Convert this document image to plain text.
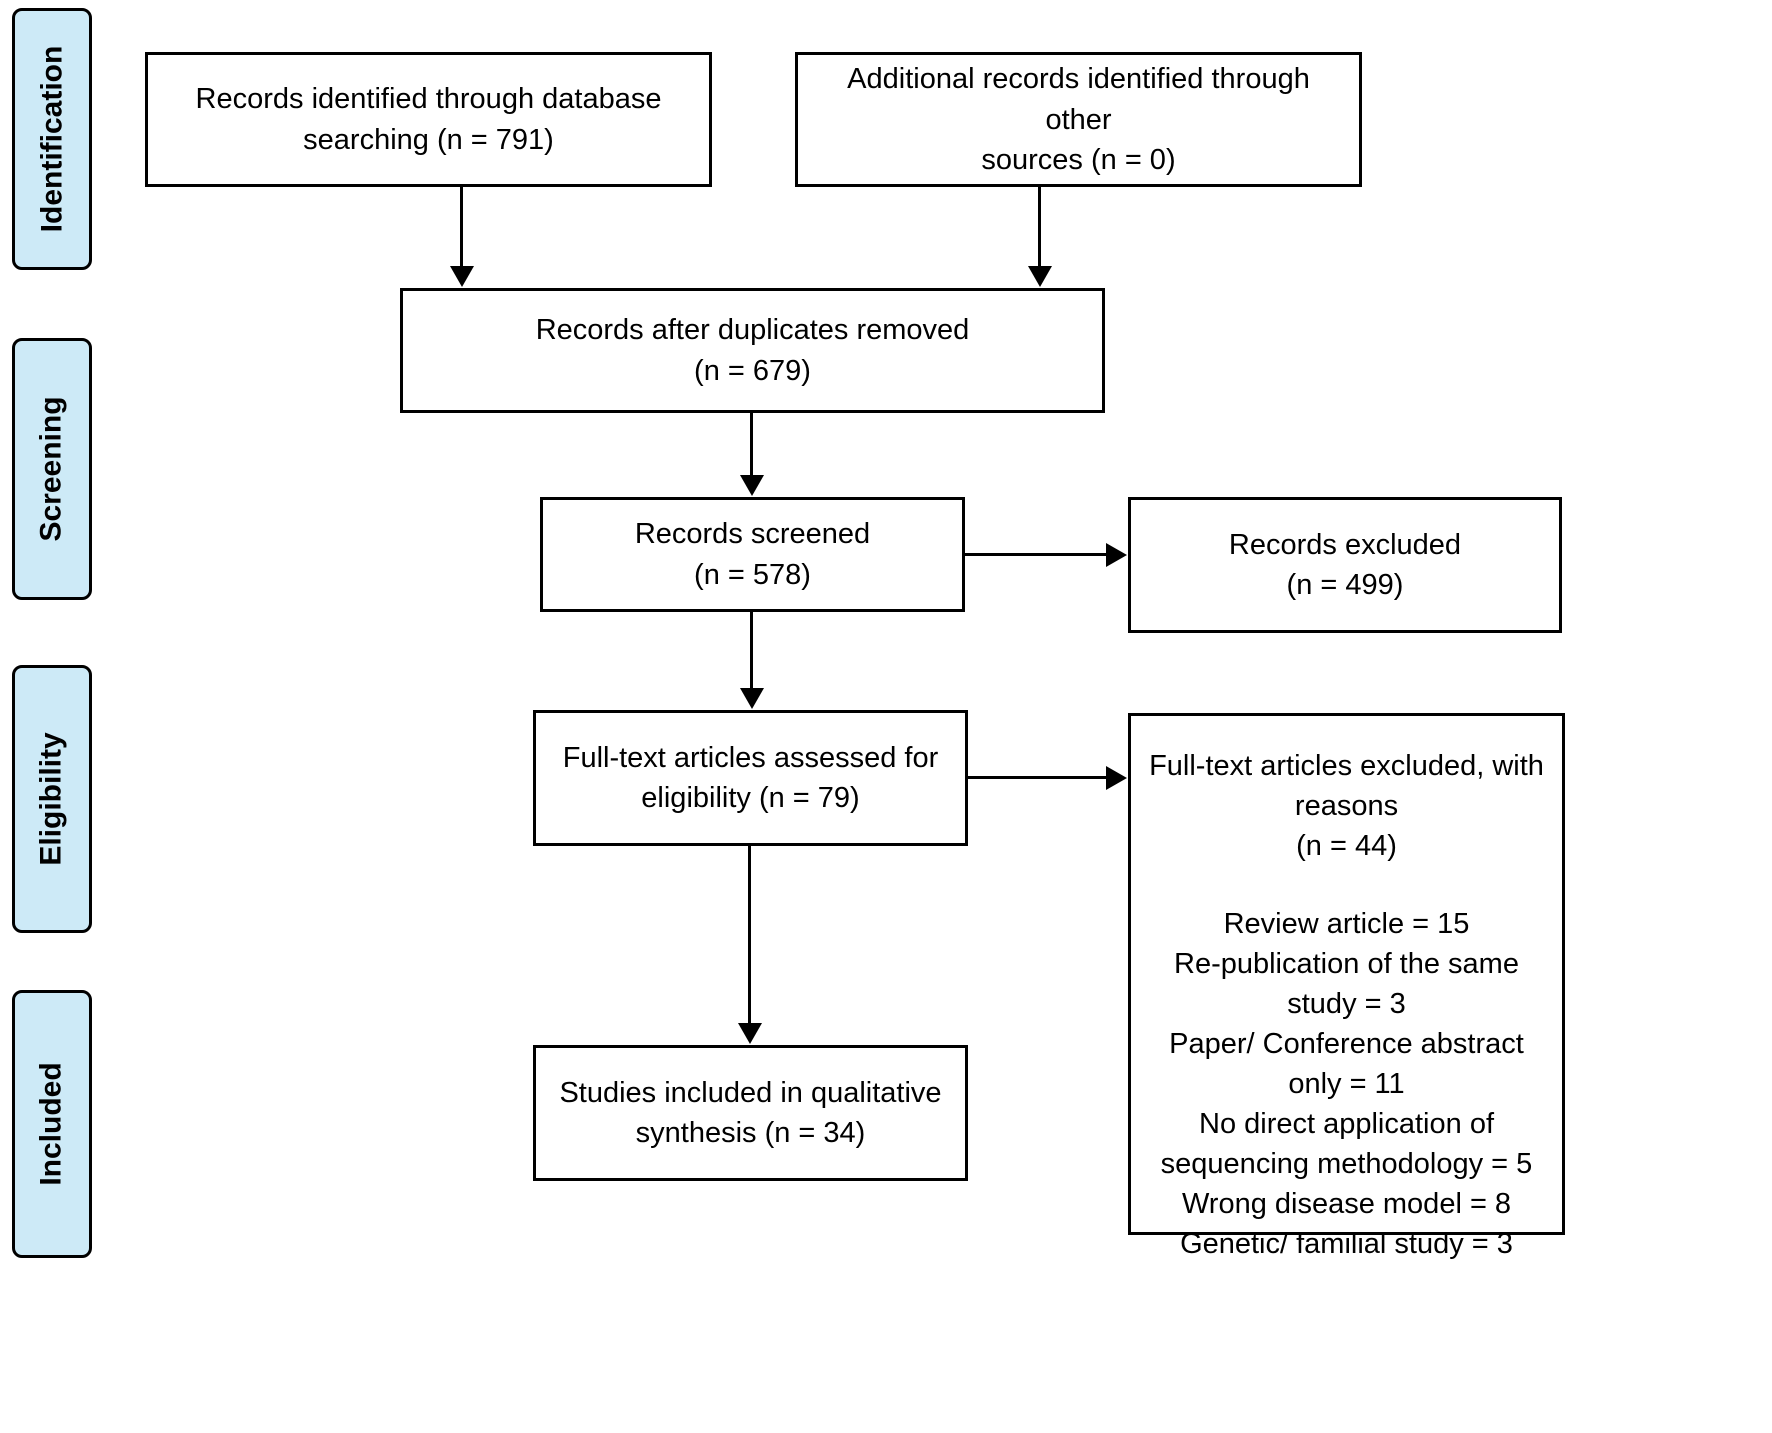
Identification
Screening
Eligibility
Included
Records identified through database
searching (n = 791)
Additional records identified through other
sources (n = 0)
Records after duplicates removed
(n = 679)
Records screened
(n = 578)
Records excluded
(n = 499)
Full-text articles assessed for
eligibility (n = 79)
Full-text articles excluded, with
reasons
(n = 44)
Review article = 15
Re-publication of the same study = 3
Paper/ Conference abstract only = 11
No direct application of sequencing methodology = 5
Wrong disease model = 8
Genetic/ familial study = 3
Studies included in qualitative
synthesis (n = 34)
